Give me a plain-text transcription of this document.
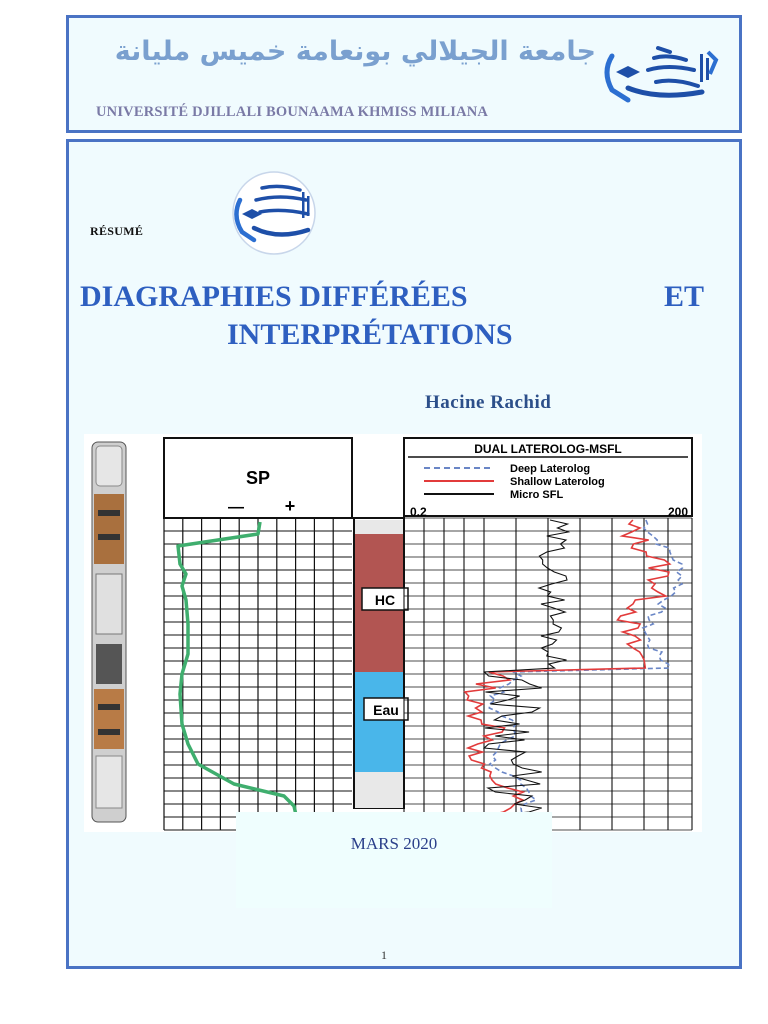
جامعة الجيلالي بونعامة خميس مليانة
UNIVERSITÉ DJILLALI BOUNAAMA KHMISS MILIANA
RÉSUMÉ
DIAGRAPHIES DIFFÉRÉES	ET
INTERPRÉTATIONS
Hacine Rachid
SP
— +
HC
Eau
DUAL LATEROLOG-MSFL
Deep Laterolog
Shallow Laterolog
Micro SFL
0.2	200
MARS 2020
1
